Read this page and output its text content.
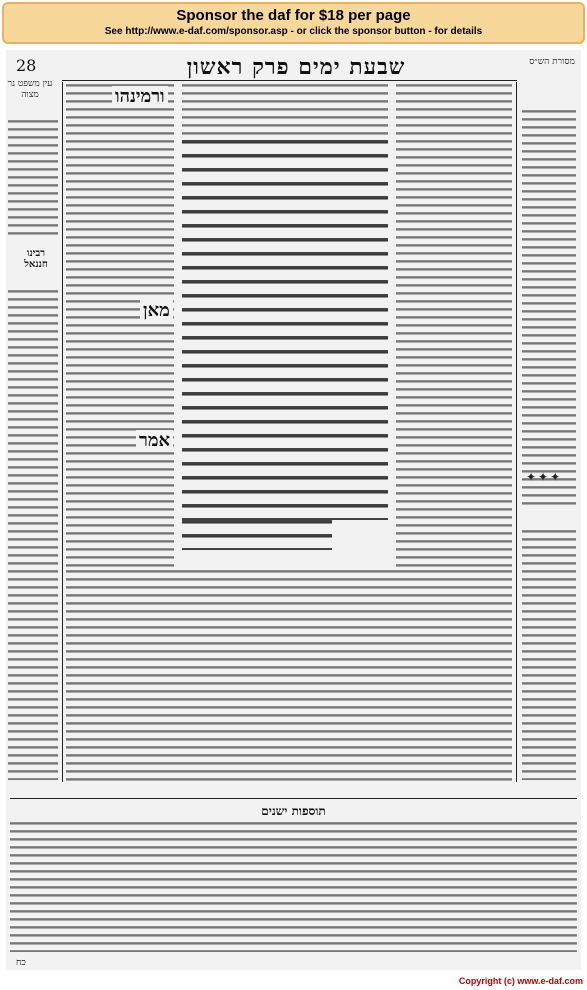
Sponsor the daf for $18 per page
See http://www.e-daf.com/sponsor.asp - or click the sponsor button - for details
28	שבעת ימים פרק ראשון	מסורת הש״ס
עין משפט נר מצוה
רבינו חננאל
ורמינהו
מאן
אמר
✦✦✦
תוספות ישנים
כח
Copyright (c) www.e-daf.com
